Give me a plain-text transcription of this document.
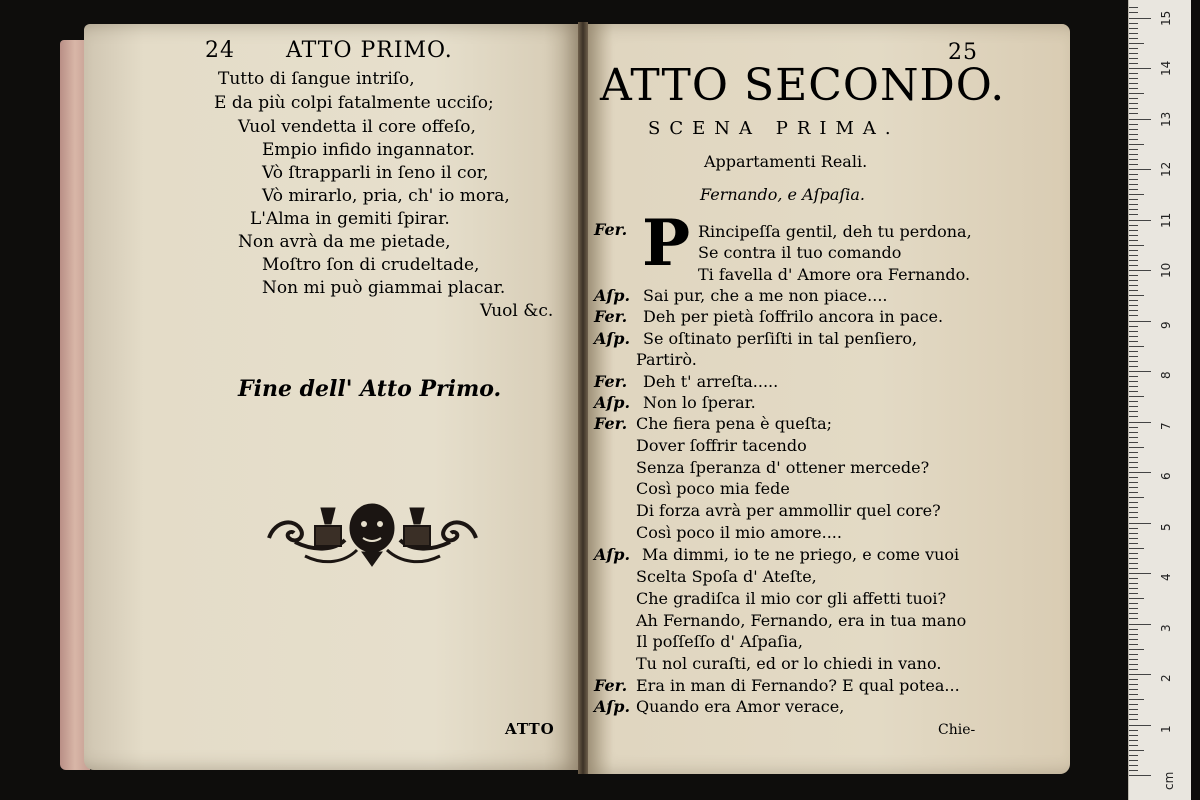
24 ATTO PRIMO.
Tutto di ſangue intriſo,
E da più colpi fatalmente ucciſo;
Vuol vendetta il core offeſo,
Empio infido ingannator.
Vò ſtrapparli in ſeno il cor,
Vò mirarlo, pria, ch' io mora,
L'Alma in gemiti ſpirar.
Non avrà da me pietade,
Moſtro ſon di crudeltade,
Non mi può giammai placar.
Vuol &c.
Fine dell' Atto Primo.
ATTO
25
ATTO SECONDO.
SCENA PRIMA.
Appartamenti Reali.
Fernando, e Aſpaſia.
P
Fer.	Rincipeſſa gentil, deh tu perdona,
Se contra il tuo comando
Ti favella d' Amore ora Fernando.
Aſp. Sai pur, che a me non piace....
Fer. Deh per pietà ſoffrilo ancora in pace.
Aſp. Se oſtinato perſiſti in tal penſiero,
Partirò.
Fer. Deh t' arreſta.....
Aſp. Non lo ſperar.
Fer. Che fiera pena è queſta;
Dover ſoffrir tacendo
Senza ſperanza d' ottener mercede?
Così poco mia fede
Di forza avrà per ammollir quel core?
Così poco il mio amore....
Aſp. Ma dimmi, io te ne priego, e come vuoi
Scelta Spoſa d' Ateſte,
Che gradiſca il mio cor gli affetti tuoi?
Ah Fernando, Fernando, era in tua mano
Il poſſeſſo d' Aſpaſia,
Tu nol curaſti, ed or lo chiedi in vano.
Fer. Era in man di Fernando? E qual potea...
Aſp. Quando era Amor verace,
Chie-	1
2
3
4
5
6
7
8
9
10
11
12
13
14
15
cm
